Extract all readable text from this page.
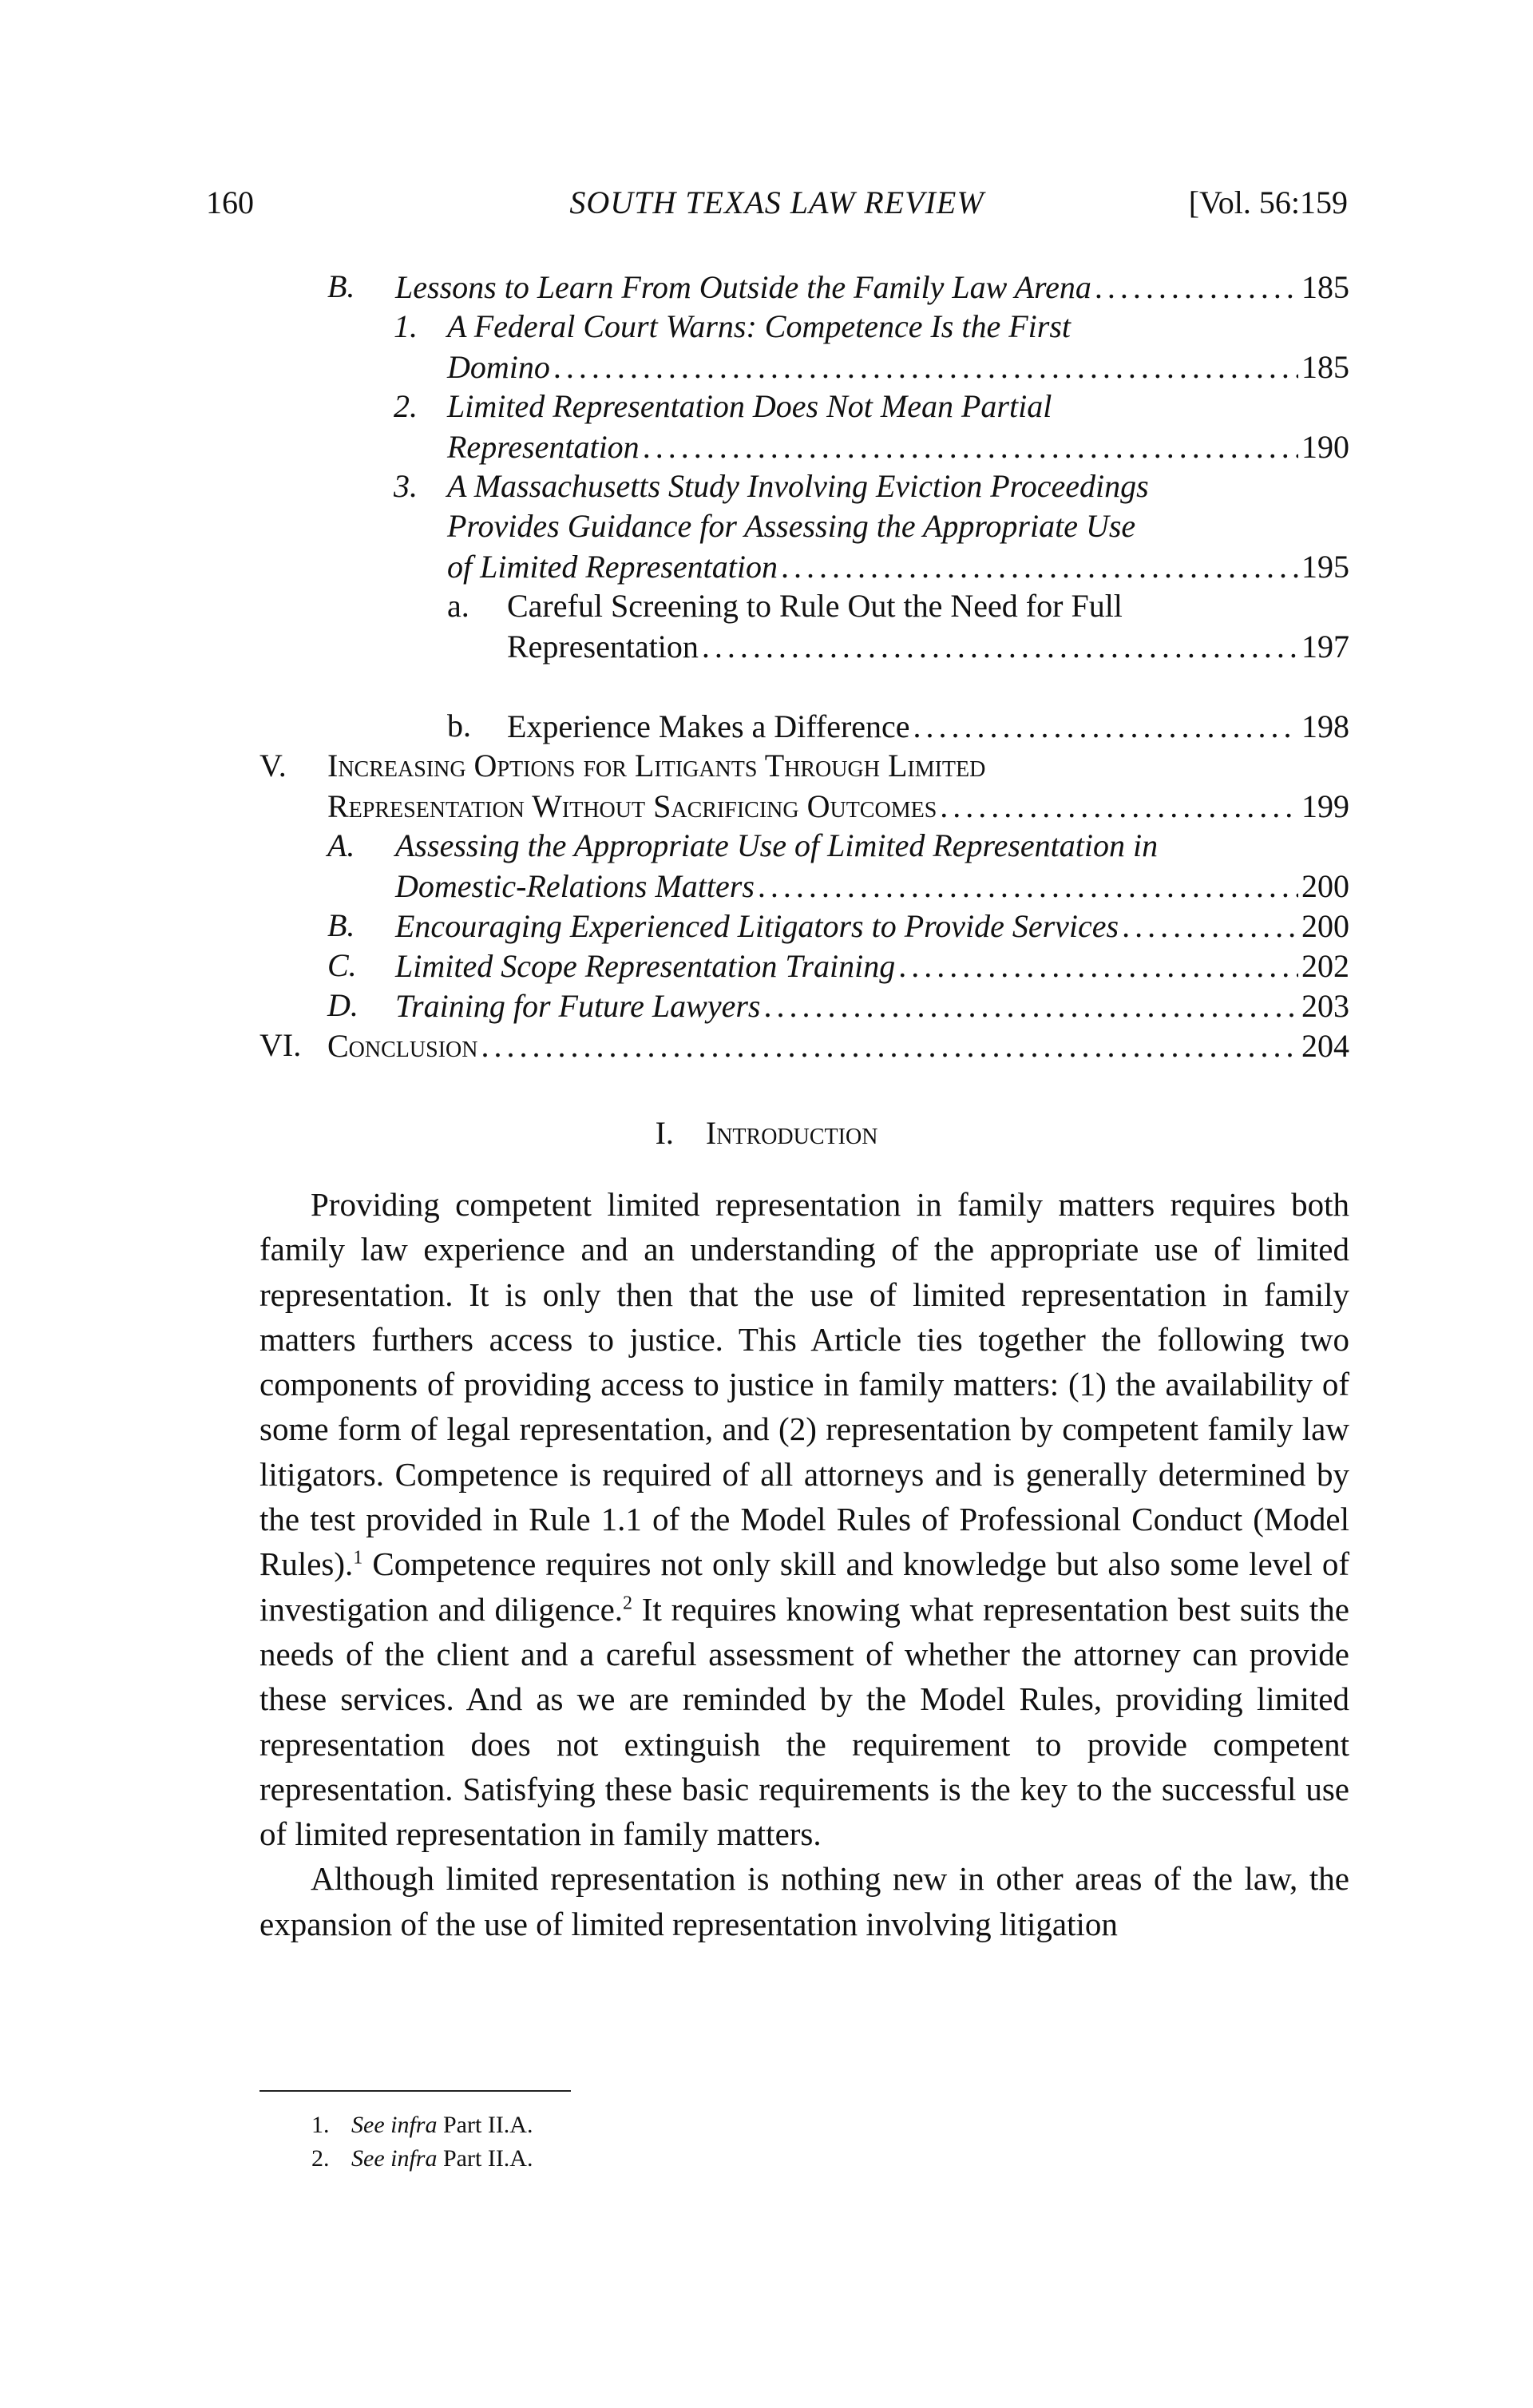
160	SOUTH TEXAS LAW REVIEW	[Vol. 56:159
B. Lessons to Learn From Outside the Family Law Arena . . .	185
1. A Federal Court Warns: Competence Is the First
Domino . . .	185
2. Limited Representation Does Not Mean Partial
Representation . . .	190
3. A Massachusetts Study Involving Eviction Proceedings
Provides Guidance for Assessing the Appropriate Use
of Limited Representation . . .	195
a. Careful Screening to Rule Out the Need for Full
Representation . . .	197
b. Experience Makes a Difference . . .	198
V. Increasing Options for Litigants Through Limited
Representation Without Sacrificing Outcomes . . .	199
A. Assessing the Appropriate Use of Limited Representation in
Domestic-Relations Matters . . .	200
B. Encouraging Experienced Litigators to Provide Services . . .	200
C. Limited Scope Representation Training . . .	202
D. Training for Future Lawyers . . .	203
VI. Conclusion . . .	204
I. Introduction

Providing competent limited representation in family matters requires both family law experience and an understanding of the appropriate use of limited representation. It is only then that the use of limited representation in family matters furthers access to justice. This Article ties together the following two components of providing access to justice in family matters: (1) the availability of some form of legal representation, and (2) representation by competent family law litigators. Competence is required of all attorneys and is generally determined by the test provided in Rule 1.1 of the Model Rules of Professional Conduct (Model Rules).$^1$ Competence requires not only skill and knowledge but also some level of investigation and diligence.$^2$ It requires knowing what representation best suits the needs of the client and a careful assessment of whether the attorney can provide these services. And as we are reminded by the Model Rules, providing limited representation does not extinguish the requirement to provide competent representation. Satisfying these basic requirements is the key to the successful use of limited representation in family matters.

Although limited representation is nothing new in other areas of the law, the expansion of the use of limited representation involving litigation

1. See infra Part II.A.
2. See infra Part II.A.
